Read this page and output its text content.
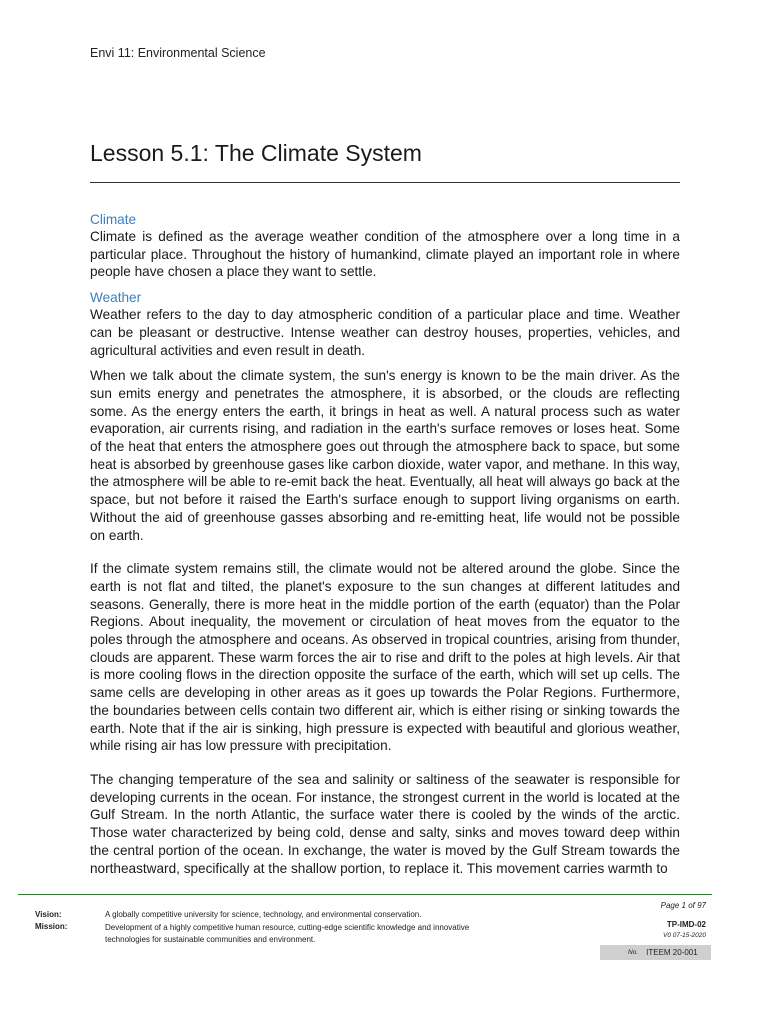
Envi 11: Environmental Science
Lesson 5.1: The Climate System

Climate

Climate is defined as the average weather condition of the atmosphere over a long time in a particular place. Throughout the history of humankind, climate played an important role in where people have chosen a place they want to settle.

Weather

Weather refers to the day to day atmospheric condition of a particular place and time. Weather can be pleasant or destructive. Intense weather can destroy houses, properties, vehicles, and agricultural activities and even result in death.

When we talk about the climate system, the sun's energy is known to be the main driver. As the sun emits energy and penetrates the atmosphere, it is absorbed, or the clouds are reflecting some. As the energy enters the earth, it brings in heat as well. A natural process such as water evaporation, air currents rising, and radiation in the earth's surface removes or loses heat. Some of the heat that enters the atmosphere goes out through the atmosphere back to space, but some heat is absorbed by greenhouse gases like carbon dioxide, water vapor, and methane. In this way, the atmosphere will be able to re-emit back the heat. Eventually, all heat will always go back at the space, but not before it raised the Earth's surface enough to support living organisms on earth. Without the aid of greenhouse gasses absorbing and re-emitting heat, life would not be possible on earth.

If the climate system remains still, the climate would not be altered around the globe. Since the earth is not flat and tilted, the planet's exposure to the sun changes at different latitudes and seasons. Generally, there is more heat in the middle portion of the earth (equator) than the Polar Regions. About inequality, the movement or circulation of heat moves from the equator to the poles through the atmosphere and oceans. As observed in tropical countries, arising from thunder, clouds are apparent. These warm forces the air to rise and drift to the poles at high levels. Air that is more cooling flows in the direction opposite the surface of the earth, which will set up cells. The same cells are developing in other areas as it goes up towards the Polar Regions. Furthermore, the boundaries between cells contain two different air, which is either rising or sinking towards the earth. Note that if the air is sinking, high pressure is expected with beautiful and glorious weather, while rising air has low pressure with precipitation.

The changing temperature of the sea and salinity or saltiness of the seawater is responsible for developing currents in the ocean. For instance, the strongest current in the world is located at the Gulf Stream. In the north Atlantic, the surface water there is cooled by the winds of the arctic. Those water characterized by being cold, dense and salty, sinks and moves toward deep within the central portion of the ocean. In exchange, the water is moved by the Gulf Stream towards the northeastward, specifically at the shallow portion, to replace it. This movement carries warmth to

Vision:	A globally competitive university for science, technology, and environmental conservation.
Mission:	Development of a highly competitive human resource, cutting-edge scientific knowledge and innovative technologies for sustainable communities and environment.
Page 1 of 97
TP-IMD-02
V0 07-15-2020
No. ITEEM 20-001
